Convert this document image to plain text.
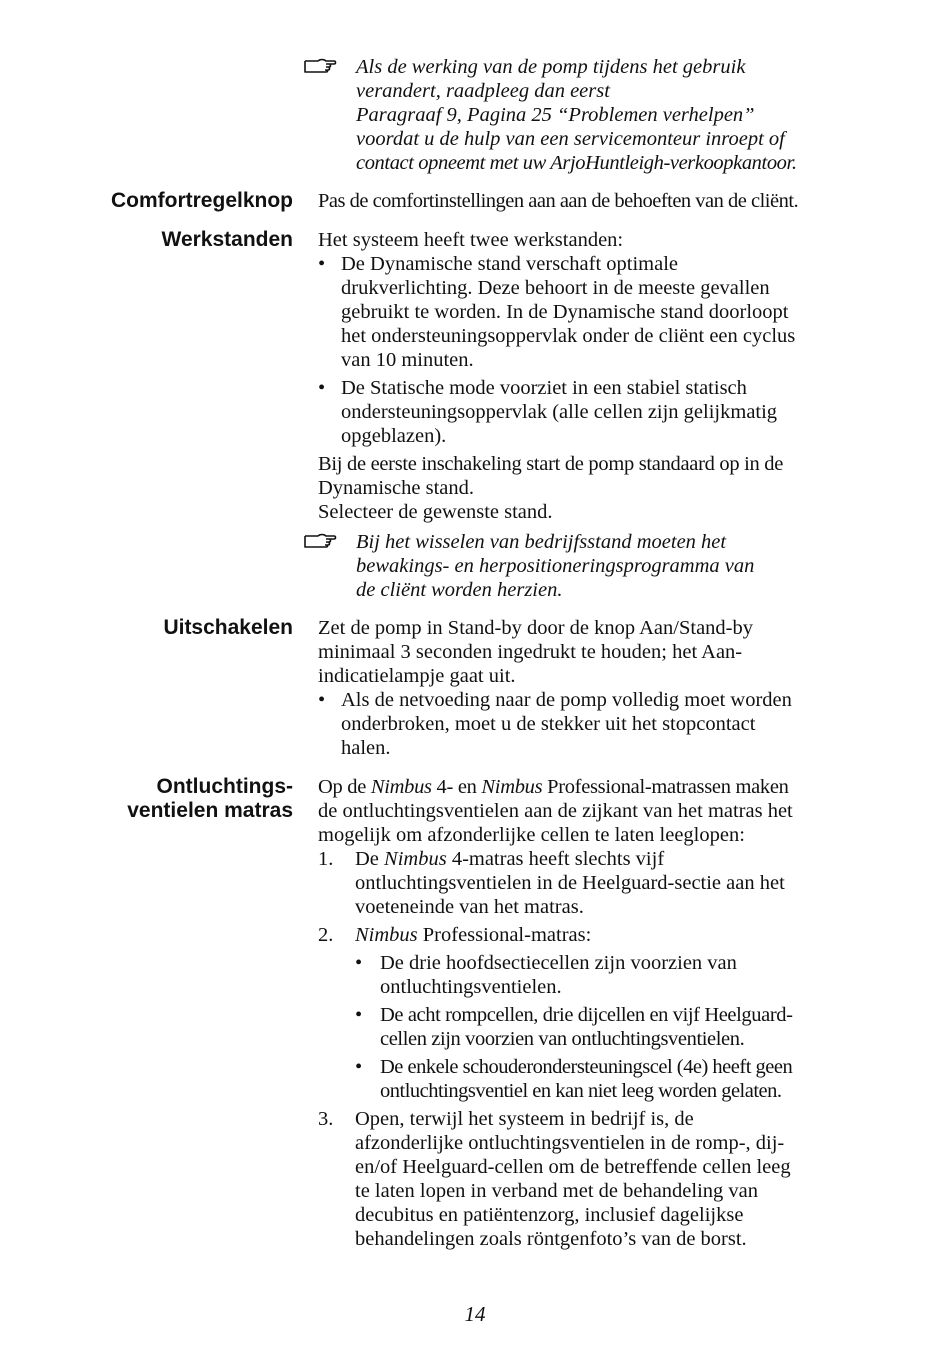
Als de werking van de pomp tijdens het gebruik
verandert, raadpleeg dan eerst
Paragraaf 9, Pagina 25 “Problemen verhelpen”
voordat u de hulp van een servicemonteur inroept of
contact opneemt met uw ArjoHuntleigh-verkoopkantoor.
Comfortregelknop Pas de comfortinstellingen aan aan de behoeften van de cliënt.
Werkstanden Het systeem heeft twee werkstanden:
• De Dynamische stand verschaft optimale
drukverlichting. Deze behoort in de meeste gevallen
gebruikt te worden. In de Dynamische stand doorloopt
het ondersteuningsoppervlak onder de cliënt een cyclus
van 10 minuten.
• De Statische mode voorziet in een stabiel statisch
ondersteuningsoppervlak (alle cellen zijn gelijkmatig
opgeblazen).
Bij de eerste inschakeling start de pomp standaard op in de
Dynamische stand.
Selecteer de gewenste stand.
Bij het wisselen van bedrijfsstand moeten het
bewakings- en herpositioneringsprogramma van
de cliënt worden herzien.
Uitschakelen Zet de pomp in Stand-by door de knop Aan/Stand-by
minimaal 3 seconden ingedrukt te houden; het Aan-
indicatielampje gaat uit.
• Als de netvoeding naar de pomp volledig moet worden
onderbroken, moet u de stekker uit het stopcontact
halen.
Ontluchtings-
ventielen matras
Op de Nimbus 4- en Nimbus Professional-matrassen maken
de ontluchtingsventielen aan de zijkant van het matras het
mogelijk om afzonderlijke cellen te laten leeglopen:
1. De Nimbus 4-matras heeft slechts vijf
ontluchtingsventielen in de Heelguard-sectie aan het
voeteneinde van het matras.
2. Nimbus Professional-matras:
• De drie hoofdsectiecellen zijn voorzien van
ontluchtingsventielen.
• De acht rompcellen, drie dijcellen en vijf Heelguard-
cellen zijn voorzien van ontluchtingsventielen.
• De enkele schouderondersteuningscel (4e) heeft geen
ontluchtingsventiel en kan niet leeg worden gelaten.
3. Open, terwijl het systeem in bedrijf is, de
afzonderlijke ontluchtingsventielen in de romp-, dij-
en/of Heelguard-cellen om de betreffende cellen leeg
te laten lopen in verband met de behandeling van
decubitus en patiëntenzorg, inclusief dagelijkse
behandelingen zoals röntgenfoto’s van de borst.
14
